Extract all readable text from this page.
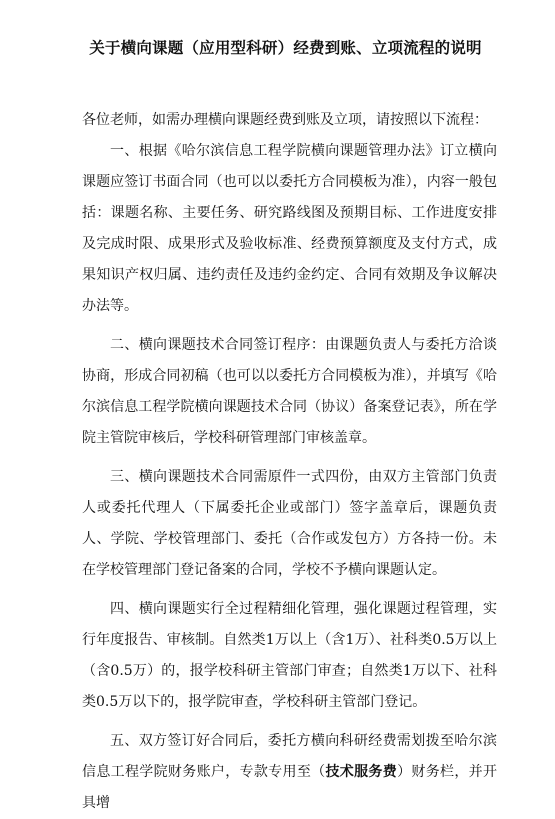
关于横向课题（应用型科研）经费到账、立项流程的说明

各位老师，如需办理横向课题经费到账及立项，请按照以下流程：

一、根据《哈尔滨信息工程学院横向课题管理办法》订立横向课题应签订书面合同（也可以以委托方合同模板为准），内容一般包括：课题名称、主要任务、研究路线图及预期目标、工作进度安排及完成时限、成果形式及验收标准、经费预算额度及支付方式，成果知识产权归属、违约责任及违约金约定、合同有效期及争议解决办法等。

二、横向课题技术合同签订程序：由课题负责人与委托方洽谈协商，形成合同初稿（也可以以委托方合同模板为准），并填写《哈尔滨信息工程学院横向课题技术合同（协议）备案登记表》，所在学院主管院审核后，学校科研管理部门审核盖章。

三、横向课题技术合同需原件一式四份，由双方主管部门负责人或委托代理人（下属委托企业或部门）签字盖章后，课题负责人、学院、学校管理部门、委托（合作或发包方）方各持一份。未在学校管理部门登记备案的合同，学校不予横向课题认定。

四、横向课题实行全过程精细化管理，强化课题过程管理，实行年度报告、审核制。自然类1万以上（含1万）、社科类0.5万以上（含0.5万）的，报学校科研主管部门审查；自然类1万以下、社科类0.5万以下的，报学院审查，学校科研主管部门登记。

五、双方签订好合同后，委托方横向科研经费需划拨至哈尔滨信息工程学院财务账户，专款专用至（技术服务费）财务栏，并开具增
